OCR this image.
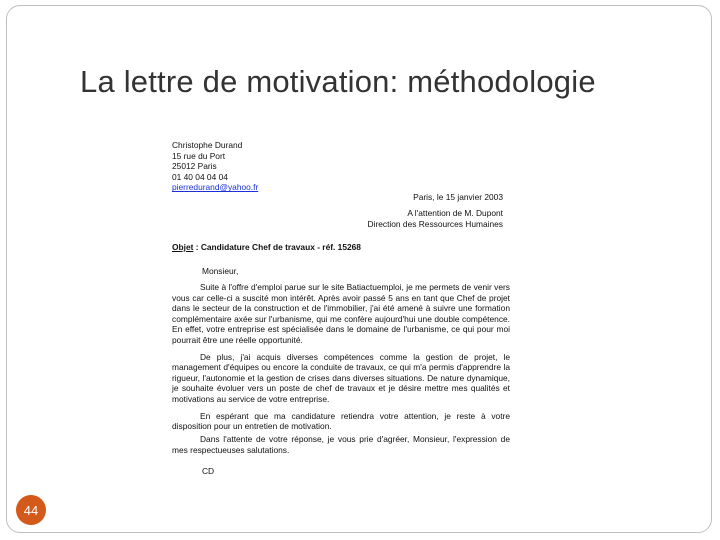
La lettre de motivation: méthodologie
Christophe Durand
15 rue du Port
25012 Paris
01 40 04 04 04
pierredurand@yahoo.fr
Paris, le 15 janvier 2003
A l'attention de M. Dupont
Direction des Ressources Humaines
Objet : Candidature Chef de travaux - réf. 15268
Monsieur,

Suite à l'offre d'emploi parue sur le site Batiactuemploi, je me permets de venir vers vous car celle-ci a suscité mon intérêt. Après avoir passé 5 ans en tant que Chef de projet dans le secteur de la construction et de l'immobilier, j'ai été amené à suivre une formation complémentaire axée sur l'urbanisme, qui me confère aujourd'hui une double compétence. En effet, votre entreprise est spécialisée dans le domaine de l'urbanisme, ce qui pour moi pourrait être une réelle opportunité.

De plus, j'ai acquis diverses compétences comme la gestion de projet, le management d'équipes ou encore la conduite de travaux, ce qui m'a permis d'apprendre la rigueur, l'autonomie et la gestion de crises dans diverses situations. De nature dynamique, je souhaite évoluer vers un poste de chef de travaux et je désire mettre mes qualités et motivations au service de votre entreprise.

En espérant que ma candidature retiendra votre attention, je reste à votre disposition pour un entretien de motivation.

Dans l'attente de votre réponse, je vous prie d'agréer, Monsieur, l'expression de mes respectueuses salutations.
CD
44
